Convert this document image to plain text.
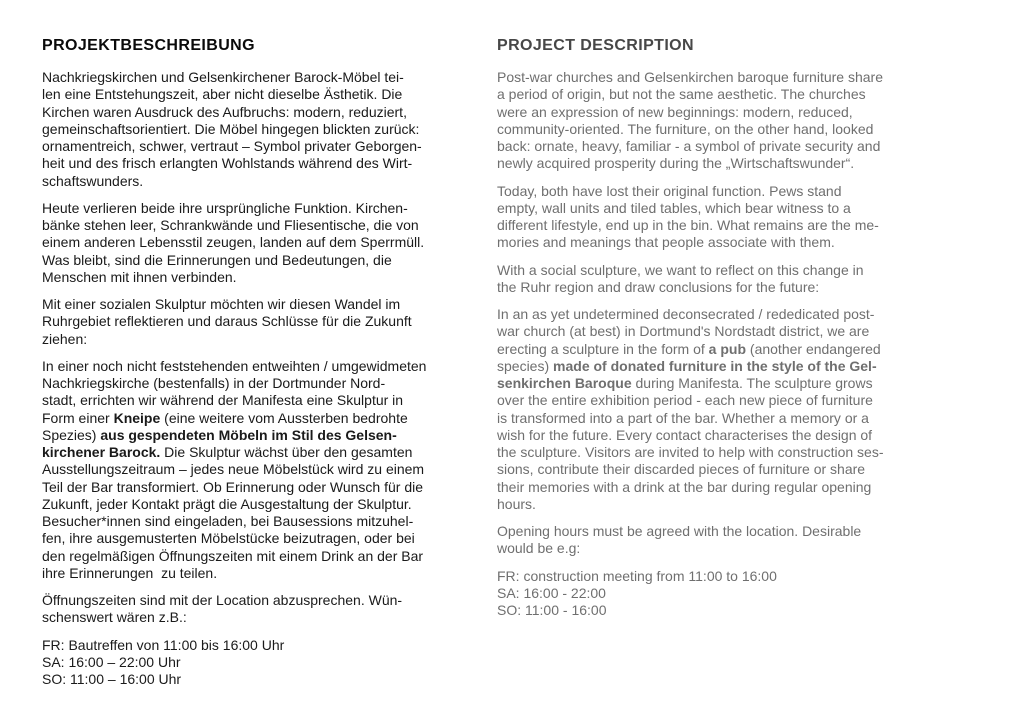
PROJEKTBESCHREIBUNG

Nachkriegskirchen und Gelsenkirchener Barock-Möbel tei-
len eine Entstehungszeit, aber nicht dieselbe Ästhetik. Die
Kirchen waren Ausdruck des Aufbruchs: modern, reduziert,
gemeinschaftsorientiert. Die Möbel hingegen blickten zurück:
ornamentreich, schwer, vertraut – Symbol privater Geborgen-
heit und des frisch erlangten Wohlstands während des Wirt-
schaftswunders.

Heute verlieren beide ihre ursprüngliche Funktion. Kirchen-
bänke stehen leer, Schrankwände und Fliesentische, die von
einem anderen Lebensstil zeugen, landen auf dem Sperrmüll.
Was bleibt, sind die Erinnerungen und Bedeutungen, die
Menschen mit ihnen verbinden.

Mit einer sozialen Skulptur möchten wir diesen Wandel im
Ruhrgebiet reflektieren und daraus Schlüsse für die Zukunft
ziehen:

In einer noch nicht feststehenden entweihten / umgewidmeten
Nachkriegskirche (bestenfalls) in der Dortmunder Nord-
stadt, errichten wir während der Manifesta eine Skulptur in
Form einer Kneipe (eine weitere vom Aussterben bedrohte
Spezies) aus gespendeten Möbeln im Stil des Gelsen-
kirchener Barock. Die Skulptur wächst über den gesamten
Ausstellungszeitraum – jedes neue Möbelstück wird zu einem
Teil der Bar transformiert. Ob Erinnerung oder Wunsch für die
Zukunft, jeder Kontakt prägt die Ausgestaltung der Skulptur.
Besucher*innen sind eingeladen, bei Bausessions mitzuhel-
fen, ihre ausgemusterten Möbelstücke beizutragen, oder bei
den regelmäßigen Öffnungszeiten mit einem Drink an der Bar
ihre Erinnerungen  zu teilen.

Öffnungszeiten sind mit der Location abzusprechen. Wün-
schenswert wären z.B.:

FR: Bautreffen von 11:00 bis 16:00 Uhr
SA: 16:00 – 22:00 Uhr
SO: 11:00 – 16:00 Uhr

PROJECT DESCRIPTION

Post-war churches and Gelsenkirchen baroque furniture share
a period of origin, but not the same aesthetic. The churches
were an expression of new beginnings: modern, reduced,
community-oriented. The furniture, on the other hand, looked
back: ornate, heavy, familiar - a symbol of private security and
newly acquired prosperity during the „Wirtschaftswunder“.

Today, both have lost their original function. Pews stand
empty, wall units and tiled tables, which bear witness to a
different lifestyle, end up in the bin. What remains are the me-
mories and meanings that people associate with them.

With a social sculpture, we want to reflect on this change in
the Ruhr region and draw conclusions for the future:

In an as yet undetermined deconsecrated / rededicated post-
war church (at best) in Dortmund's Nordstadt district, we are
erecting a sculpture in the form of a pub (another endangered
species) made of donated furniture in the style of the Gel-
senkirchen Baroque during Manifesta. The sculpture grows
over the entire exhibition period - each new piece of furniture
is transformed into a part of the bar. Whether a memory or a
wish for the future. Every contact characterises the design of
the sculpture. Visitors are invited to help with construction ses-
sions, contribute their discarded pieces of furniture or share
their memories with a drink at the bar during regular opening
hours.

Opening hours must be agreed with the location. Desirable
would be e.g:

FR: construction meeting from 11:00 to 16:00
SA: 16:00 - 22:00
SO: 11:00 - 16:00
